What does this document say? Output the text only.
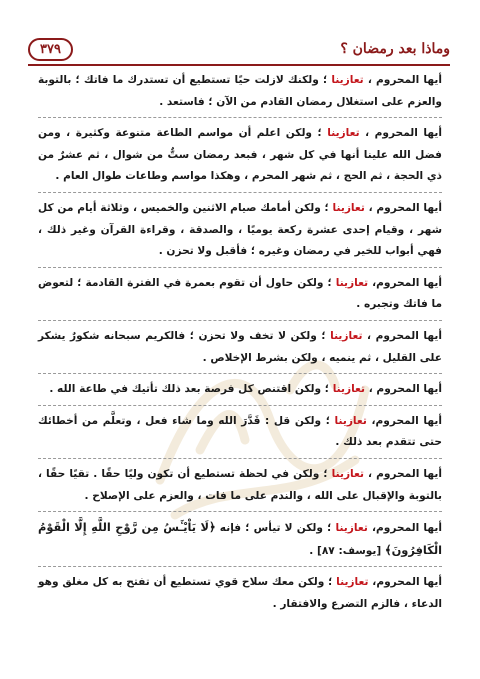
وماذا بعد رمضان ؟
٣٧٩

أيها المحروم ، تعازينا ؛ ولكنك لازلت حيًا تستطيع أن تستدرك ما فاتك ؛ بالتوبة والعزم على استغلال رمضان القادم من الآن ؛ فاستعد .

أيها المحروم ، تعازينا ؛ ولكن اعلم أن مواسم الطاعة متنوعة وكثيرة ، ومن فضل الله علينا أنها في كل شهر ، فبعد رمضان ستٌّ من شوال ، ثم عشرٌ من ذي الحجة ، ثم الحج ، ثم شهر المحرم ، وهكذا مواسم وطاعات طوال العام .

أيها المحروم ، تعازينا ؛ ولكن أمامك صيام الاثنين والخميس ، وثلاثة أيام من كل شهر ، وقيام إحدى عشرة ركعة يوميًا ، والصدقة ، وقراءة القرآن وغير ذلك ، فهي أبواب للخير في رمضان وغيره ؛ فأقبل ولا تحزن .

أيها المحروم، تعازينا ؛ ولكن حاول أن تقوم بعمرة في الفترة القادمة ؛ لتعوض ما فاتك وتجبره .

أيها المحروم ، تعازينا ؛ ولكن لا تخف ولا تحزن ؛ فالكريم سبحانه شكورٌ يشكر على القليل ، ثم ينميه ، ولكن بشرط الإخلاص .

أيها المحروم ، تعازينا ؛ ولكن اقتنص كل فرصة بعد ذلك تأتيك في طاعة الله .

أيها المحروم، تعازينا ؛ ولكن قل : قَدَّرَ الله وما شاء فعل ، وتعلَّم من أخطائك حتى تتقدم بعد ذلك .

أيها المحروم ، تعازينا ؛ ولكن في لحظة تستطيع أن تكون وليًا حقًا . تقيًا حقًا ، بالتوبة والإقبال على الله ، والندم على ما فات ، والعزم على الإصلاح .

أيها المحروم، تعازينا ؛ ولكن لا تيأس ؛ فإنه ﴿لَا يَاْيْـَٔسُ مِن رَّوْحِ اللَّهِ إِلَّا الْقَوْمُ الْكَافِرُونَ﴾ [يوسف: ٨٧] .

أيها المحروم، تعازينا ؛ ولكن معك سلاح قوي تستطيع أن تفتح به كل مغلق وهو الدعاء ، فالزم التضرع والافتقار .
